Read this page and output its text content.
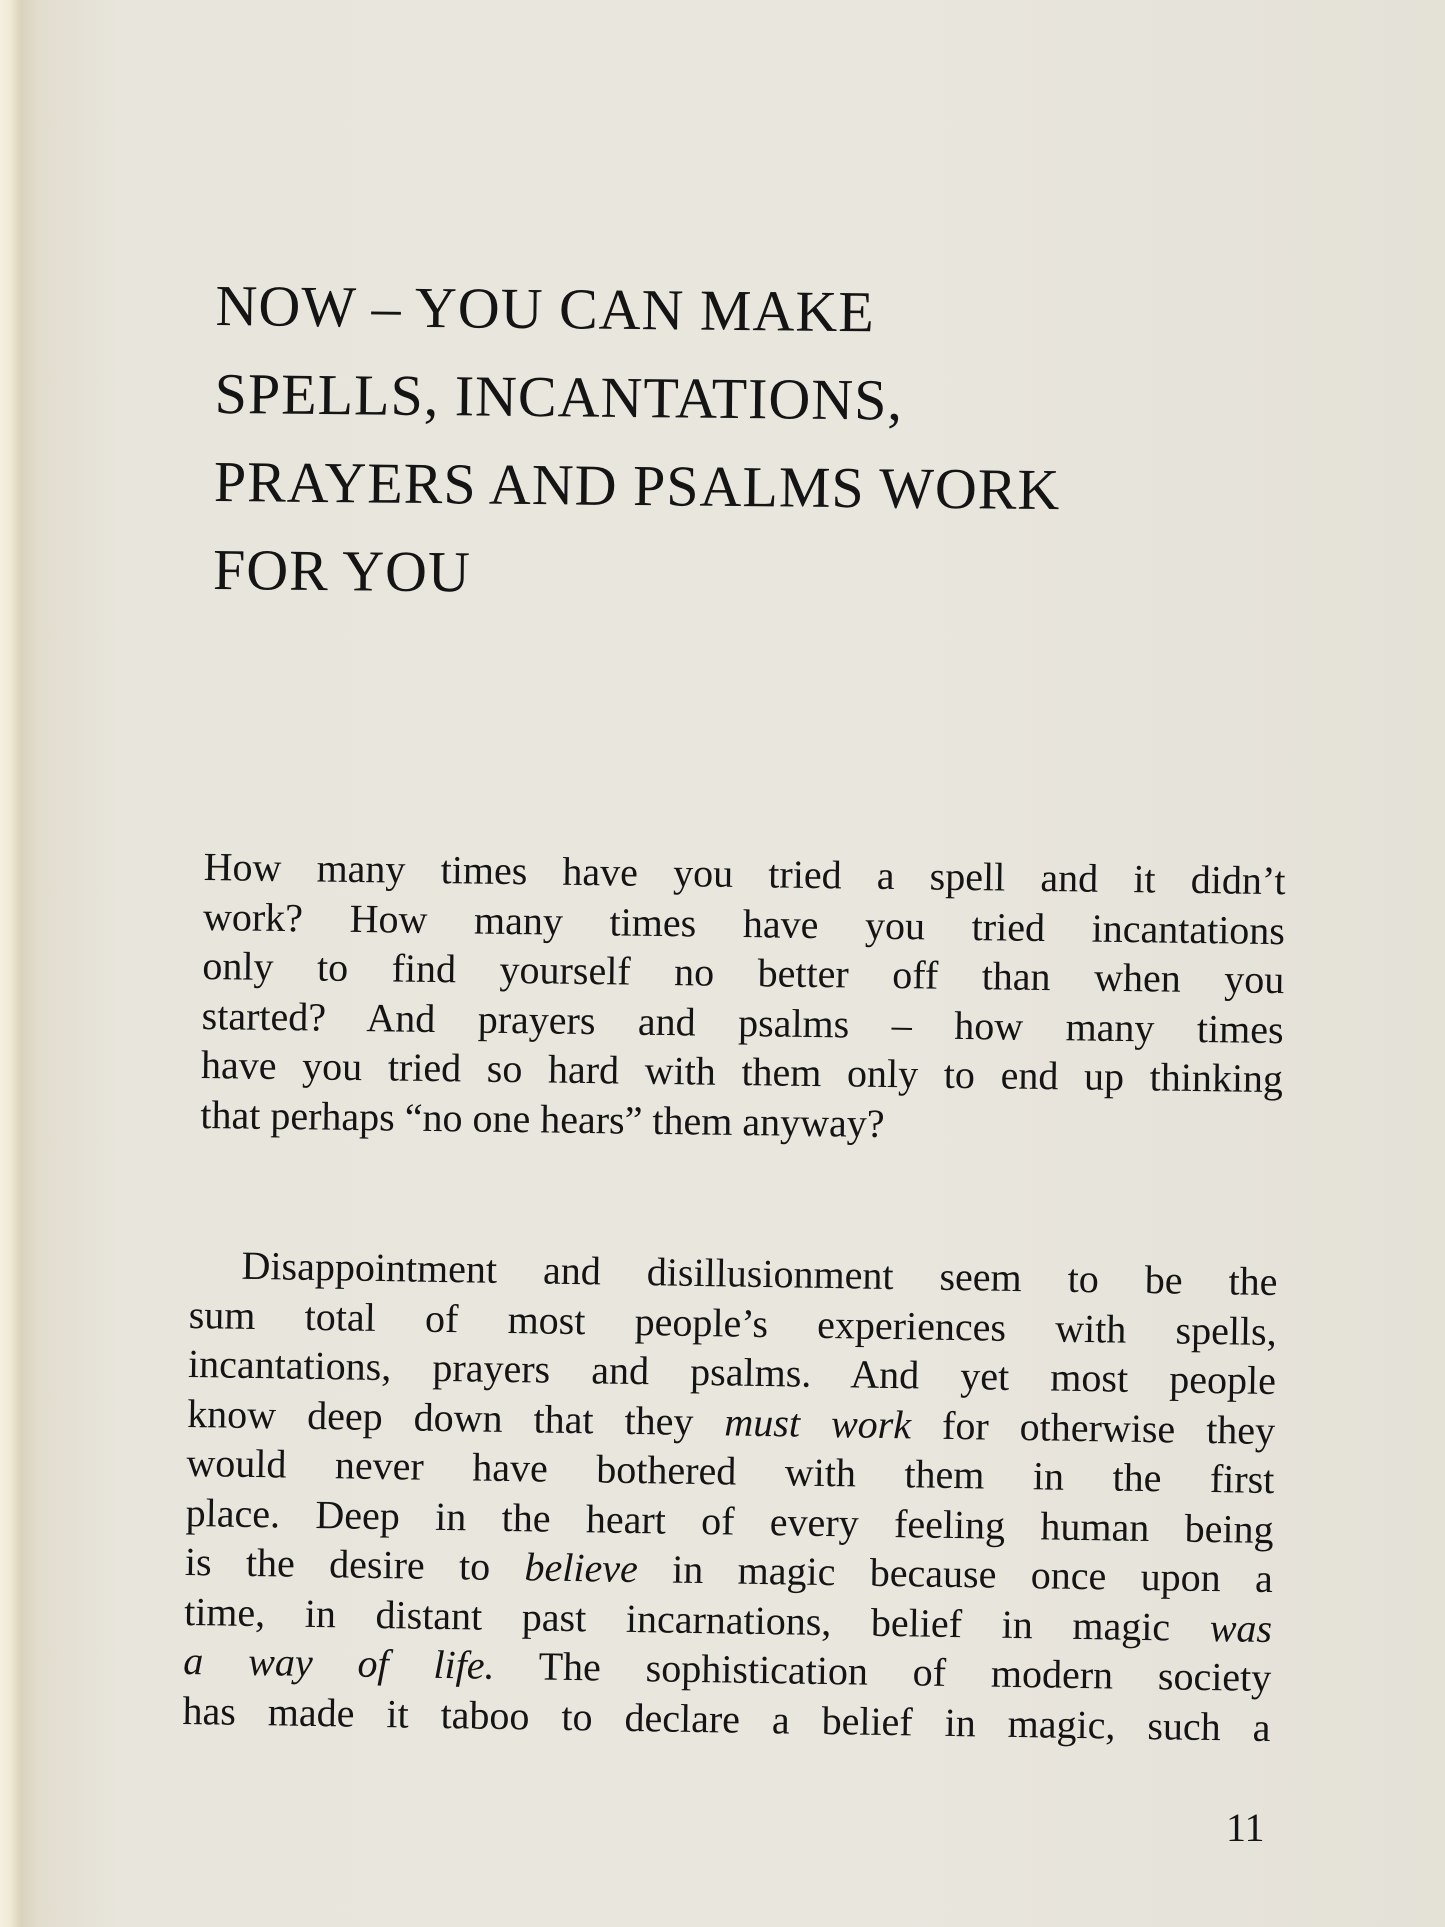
NOW – YOU CAN MAKE
SPELLS, INCANTATIONS,
PRAYERS AND PSALMS WORK
FOR YOU
How many times have you tried a spell and it didn’t
work? How many times have you tried incantations
only to find yourself no better off than when you
started? And prayers and psalms – how many times
have you tried so hard with them only to end up thinking
that perhaps “no one hears” them anyway?
Disappointment and disillusionment seem to be the
sum total of most people’s experiences with spells,
incantations, prayers and psalms. And yet most people
know deep down that they must work for otherwise they
would never have bothered with them in the first
place. Deep in the heart of every feeling human being
is the desire to believe in magic because once upon a
time, in distant past incarnations, belief in magic was
a way of life. The sophistication of modern society
has made it taboo to declare a belief in magic, such a
11
